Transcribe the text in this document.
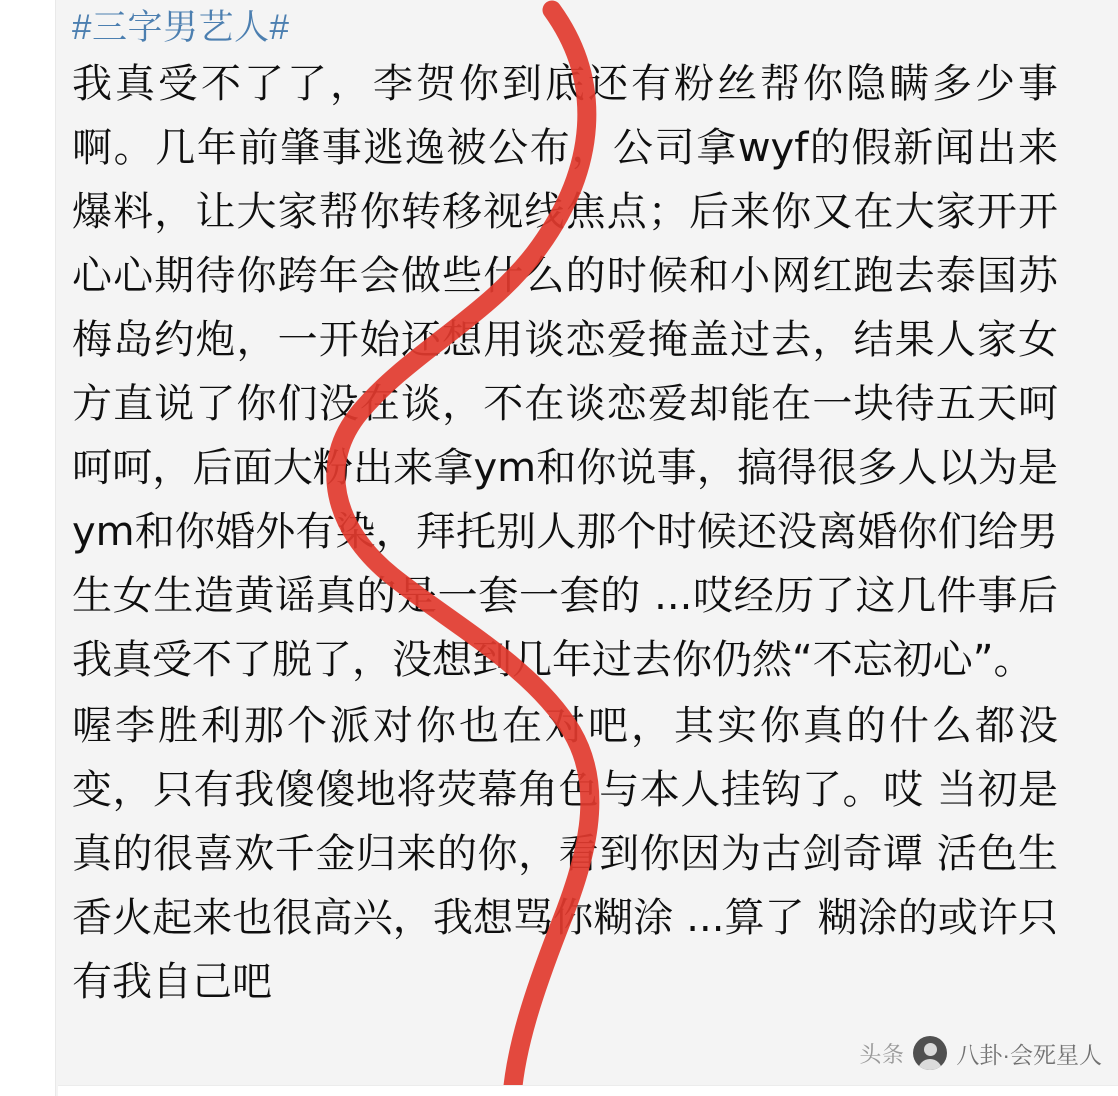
#三字男艺人#
我真受不了了，李贺你到底还有粉丝帮你隐瞒多少事啊。几年前肇事逃逸被公布，公司拿wyf的假新闻出来爆料，让大家帮你转移视线焦点；后来你又在大家开开心心期待你跨年会做些什么的时候和小网红跑去泰国苏梅岛约炮，一开始还想用谈恋爱掩盖过去，结果人家女方直说了你们没在谈，不在谈恋爱却能在一块待五天呵呵呵，后面大粉出来拿ym和你说事，搞得很多人以为是ym和你婚外有染，拜托别人那个时候还没离婚你们给男生女生造黄谣真的是一套一套的 ...哎经历了这几件事后我真受不了脱了，没想到几年过去你仍然“不忘初心”。
喔李胜利那个派对你也在对吧，其实你真的什么都没变，只有我傻傻地将荧幕角色与本人挂钩了。哎 当初是真的很喜欢千金归来的你，看到你因为古剑奇谭 活色生香火起来也很高兴，我想骂你糊涂 ...算了 糊涂的或许只有我自己吧
头条 八卦·会死星人
